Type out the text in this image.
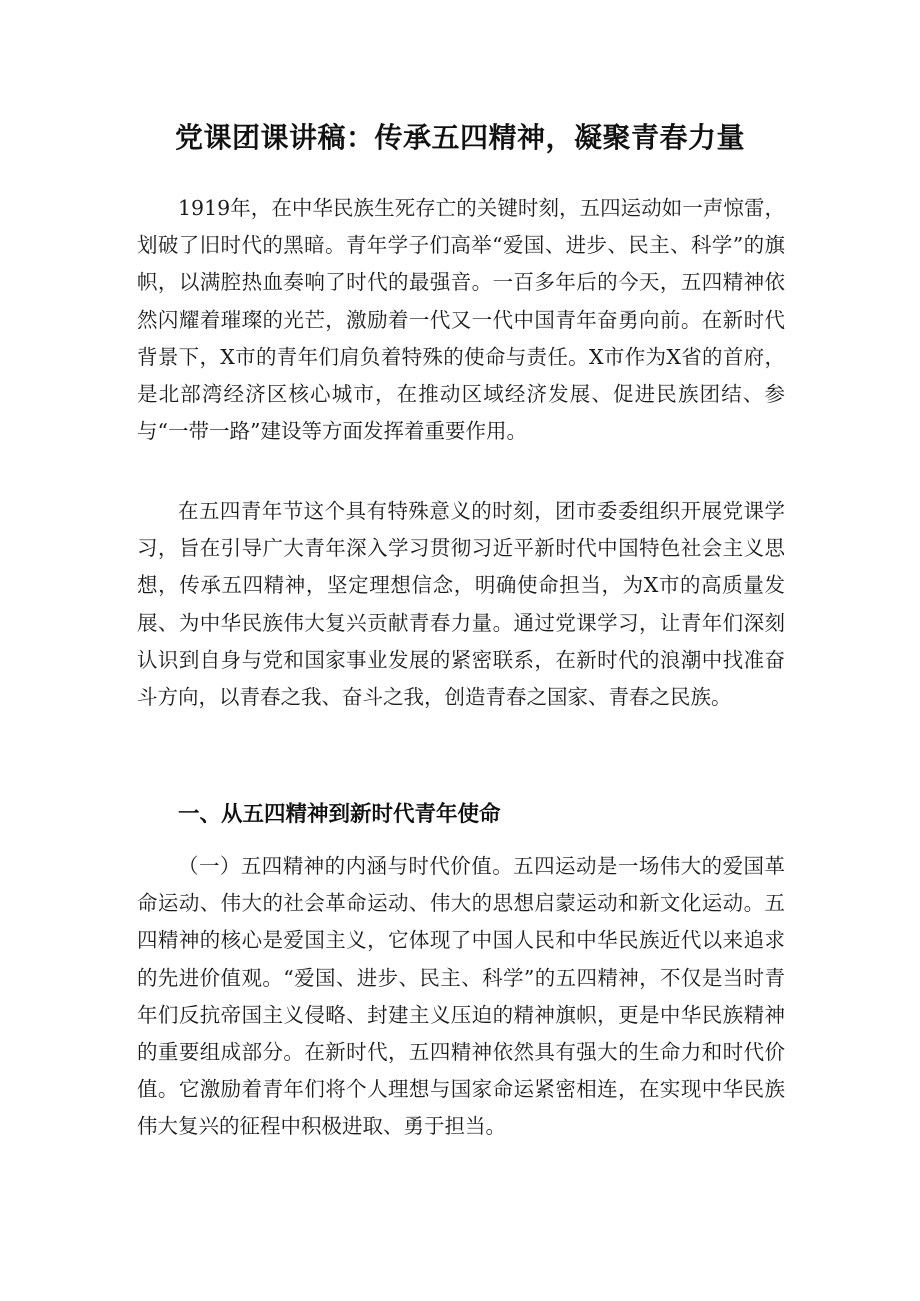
党课团课讲稿：传承五四精神，凝聚青春力量

1919年，在中华民族生死存亡的关键时刻，五四运动如一声惊雷，划破了旧时代的黑暗。青年学子们高举“爱国、进步、民主、科学”的旗帜，以满腔热血奏响了时代的最强音。一百多年后的今天，五四精神依然闪耀着璀璨的光芒，激励着一代又一代中国青年奋勇向前。在新时代背景下，X市的青年们肩负着特殊的使命与责任。X市作为X省的首府，是北部湾经济区核心城市，在推动区域经济发展、促进民族团结、参与“一带一路”建设等方面发挥着重要作用。

在五四青年节这个具有特殊意义的时刻，团市委委组织开展党课学习，旨在引导广大青年深入学习贯彻习近平新时代中国特色社会主义思想，传承五四精神，坚定理想信念，明确使命担当，为X市的高质量发展、为中华民族伟大复兴贡献青春力量。通过党课学习，让青年们深刻认识到自身与党和国家事业发展的紧密联系，在新时代的浪潮中找准奋斗方向，以青春之我、奋斗之我，创造青春之国家、青春之民族。

一、从五四精神到新时代青年使命

（一）五四精神的内涵与时代价值。五四运动是一场伟大的爱国革命运动、伟大的社会革命运动、伟大的思想启蒙运动和新文化运动。五四精神的核心是爱国主义，它体现了中国人民和中华民族近代以来追求的先进价值观。“爱国、进步、民主、科学”的五四精神，不仅是当时青年们反抗帝国主义侵略、封建主义压迫的精神旗帜，更是中华民族精神的重要组成部分。在新时代，五四精神依然具有强大的生命力和时代价值。它激励着青年们将个人理想与国家命运紧密相连，在实现中华民族伟大复兴的征程中积极进取、勇于担当。
